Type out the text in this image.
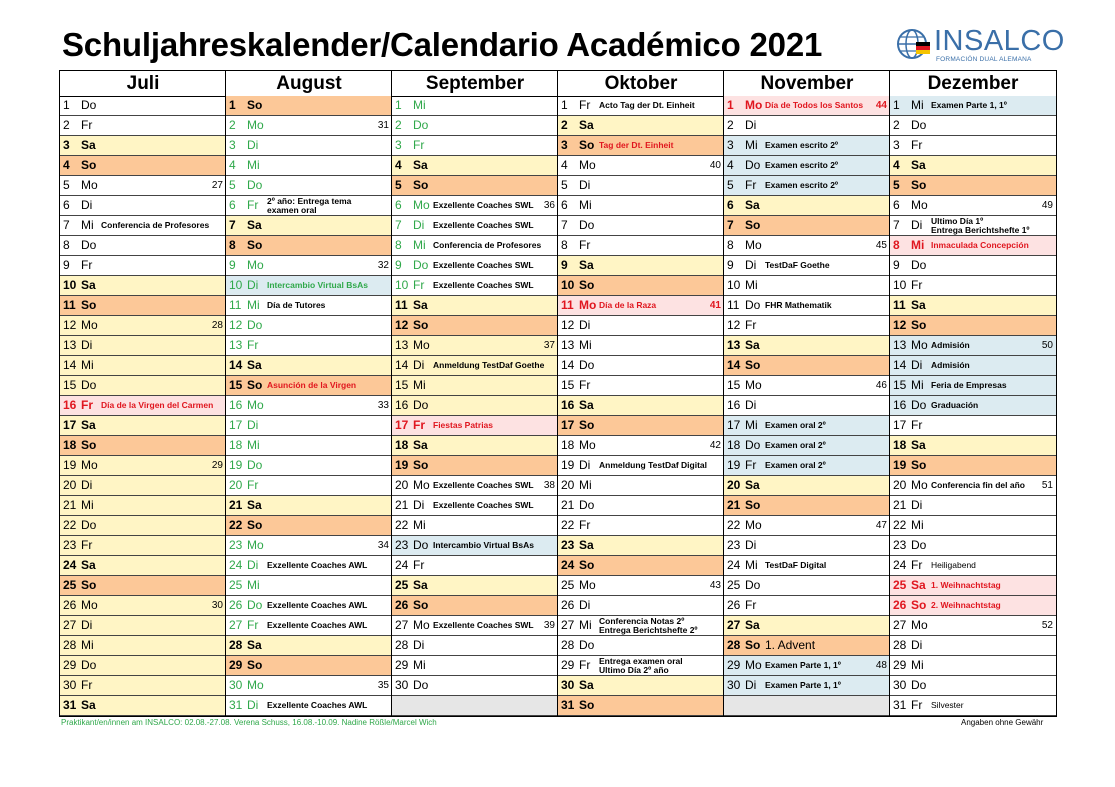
Schuljahreskalender/Calendario Académico 2021	INSALCO
FORMACIÓN DUAL ALEMANA
Juli
1 Do
2 Fr
3 Sa
4 So
5 Mo	27
6 Di
7 Mi Conferencia de Profesores
8 Do
9 Fr
10 Sa
11 So
12 Mo	28
13 Di
14 Mi
15 Do
16 Fr Día de la Virgen del Carmen
17 Sa
18 So
19 Mo	29
20 Di
21 Mi
22 Do
23 Fr
24 Sa
25 So
26 Mo	30
27 Di
28 Mi
29 Do
30 Fr
31 Sa
August
1 So
2 Mo	31
3 Di
4 Mi
5 Do
6 Fr 2º año: Entrega tema
examen oral
7 Sa
8 So
9 Mo	32
10 Di Intercambio Virtual BsAs
11 Mi Día de Tutores
12 Do
13 Fr
14 Sa
15 So Asunción de la Virgen
16 Mo	33
17 Di
18 Mi
19 Do
20 Fr
21 Sa
22 So
23 Mo	34
24 Di Exzellente Coaches AWL
25 Mi
26 Do Exzellente Coaches AWL
27 Fr Exzellente Coaches AWL
28 Sa
29 So
30 Mo	35
31 Di Exzellente Coaches AWL
September
1 Mi
2 Do
3 Fr
4 Sa
5 So
6 Mo Exzellente Coaches SWL 36
7 Di Exzellente Coaches SWL
8 Mi Conferencia de Profesores
9 Do Exzellente Coaches SWL
10 Fr Exzellente Coaches SWL
11 Sa
12 So
13 Mo	37
14 Di Anmeldung TestDaf Goethe
15 Mi
16 Do
17 Fr Fiestas Patrias
18 Sa
19 So
20 Mo Exzellente Coaches SWL 38
21 Di Exzellente Coaches SWL
22 Mi
23 Do Intercambio Virtual BsAs
24 Fr
25 Sa
26 So
27 Mo Exzellente Coaches SWL 39
28 Di
29 Mi
30 Do
Oktober
1 Fr Acto Tag der Dt. Einheit
2 Sa
3 So Tag der Dt. Einheit
4 Mo	40
5 Di
6 Mi
7 Do
8 Fr
9 Sa
10 So
11 Mo Día de la Raza	41
12 Di
13 Mi
14 Do
15 Fr
16 Sa
17 So
18 Mo	42
19 Di Anmeldung TestDaf Digital
20 Mi
21 Do
22 Fr
23 Sa
24 So
25 Mo	43
26 Di
27 Mi Conferencia Notas 2º
Entrega Berichtshefte 2º
28 Do
29 Fr Entrega examen oral
Ultimo Día 2º año
30 Sa
31 So
November
1 Mo Día de Todos los Santos 44
2 Di
3 Mi Examen escrito 2º
4 Do Examen escrito 2º
5 Fr Examen escrito 2º
6 Sa
7 So
8 Mo	45
9 Di TestDaF Goethe
10 Mi
11 Do FHR Mathematik
12 Fr
13 Sa
14 So
15 Mo	46
16 Di
17 Mi Examen oral 2º
18 Do Examen oral 2º
19 Fr Examen oral 2º
20 Sa
21 So
22 Mo	47
23 Di
24 Mi TestDaF Digital
25 Do
26 Fr
27 Sa
28 So 1. Advent
29 Mo Examen Parte 1, 1º	48
30 Di Examen Parte 1, 1º
Dezember
1 Mi Examen Parte 1, 1º
2 Do
3 Fr
4 Sa
5 So
6 Mo	49
7 Di Ultimo Día 1º
Entrega Berichtshefte 1º
8 Mi Inmaculada Concepción
9 Do
10 Fr
11 Sa
12 So
13 Mo Admisión	50
14 Di Admisión
15 Mi Feria de Empresas
16 Do Graduación
17 Fr
18 Sa
19 So
20 Mo Conferencia fin del año 51
21 Di
22 Mi
23 Do
24 Fr Heiligabend
25 Sa 1. Weihnachtstag
26 So 2. Weihnachtstag
27 Mo	52
28 Di
29 Mi
30 Do
31 Fr Silvester
Praktikant/en/innen am INSALCO: 02.08.-27.08. Verena Schuss, 16.08.-10.09. Nadine Rößle/Marcel Wich	Angaben ohne Gewähr
